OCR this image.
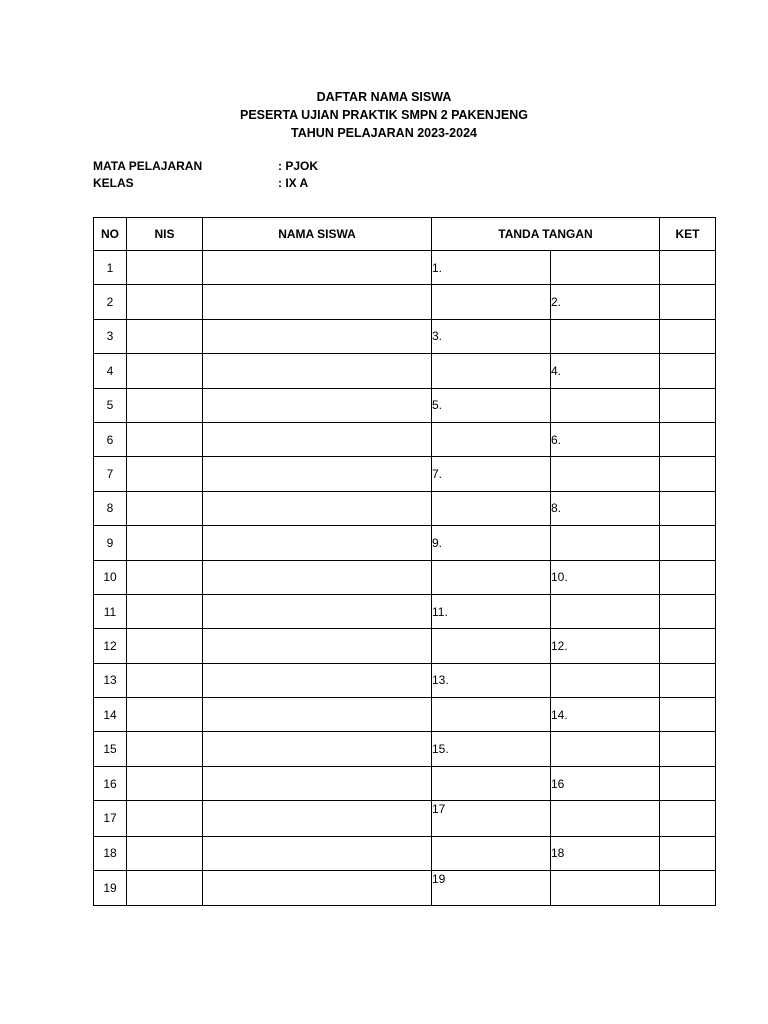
DAFTAR NAMA SISWA
PESERTA UJIAN PRAKTIK SMPN 2 PAKENJENG
TAHUN PELAJARAN 2023-2024
MATA PELAJARAN	: PJOK
KELAS	: IX A
NO	NIS	NAMA SISWA	TANDA TANGAN		KET
1			1.		
2				2.	
3			3.		
4				4.	
5			5.		
6				6.	
7			7.		
8				8.	
9			9.		
10				10.	
11			11.		
12				12.	
13			13.		
14				14.	
15			15.		
16				16	
17			17		
18				18	
19			19		
